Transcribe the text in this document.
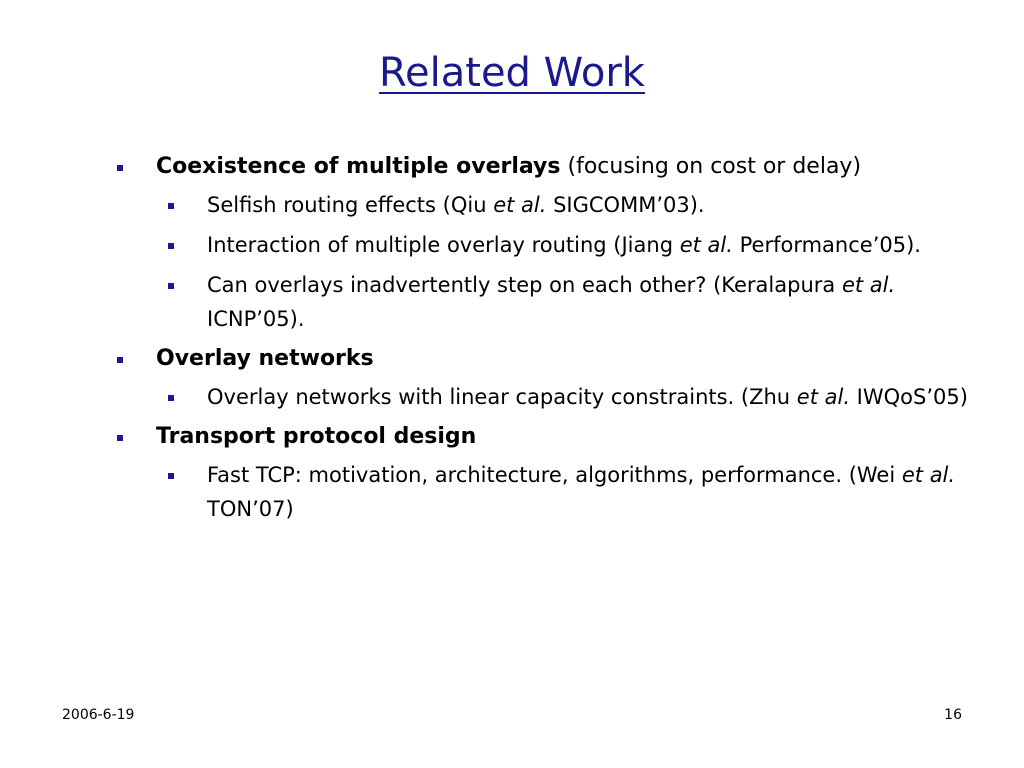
Related Work
Coexistence of multiple overlays (focusing on cost or delay)
Selfish routing effects (Qiu et al. SIGCOMM’03).
Interaction of multiple overlay routing (Jiang et al. Performance’05).
Can overlays inadvertently step on each other? (Keralapura et al. ICNP’05).
Overlay networks
Overlay networks with linear capacity constraints. (Zhu et al. IWQoS’05)
Transport protocol design
Fast TCP: motivation, architecture, algorithms, performance. (Wei et al. TON’07)
2006-6-19	16
